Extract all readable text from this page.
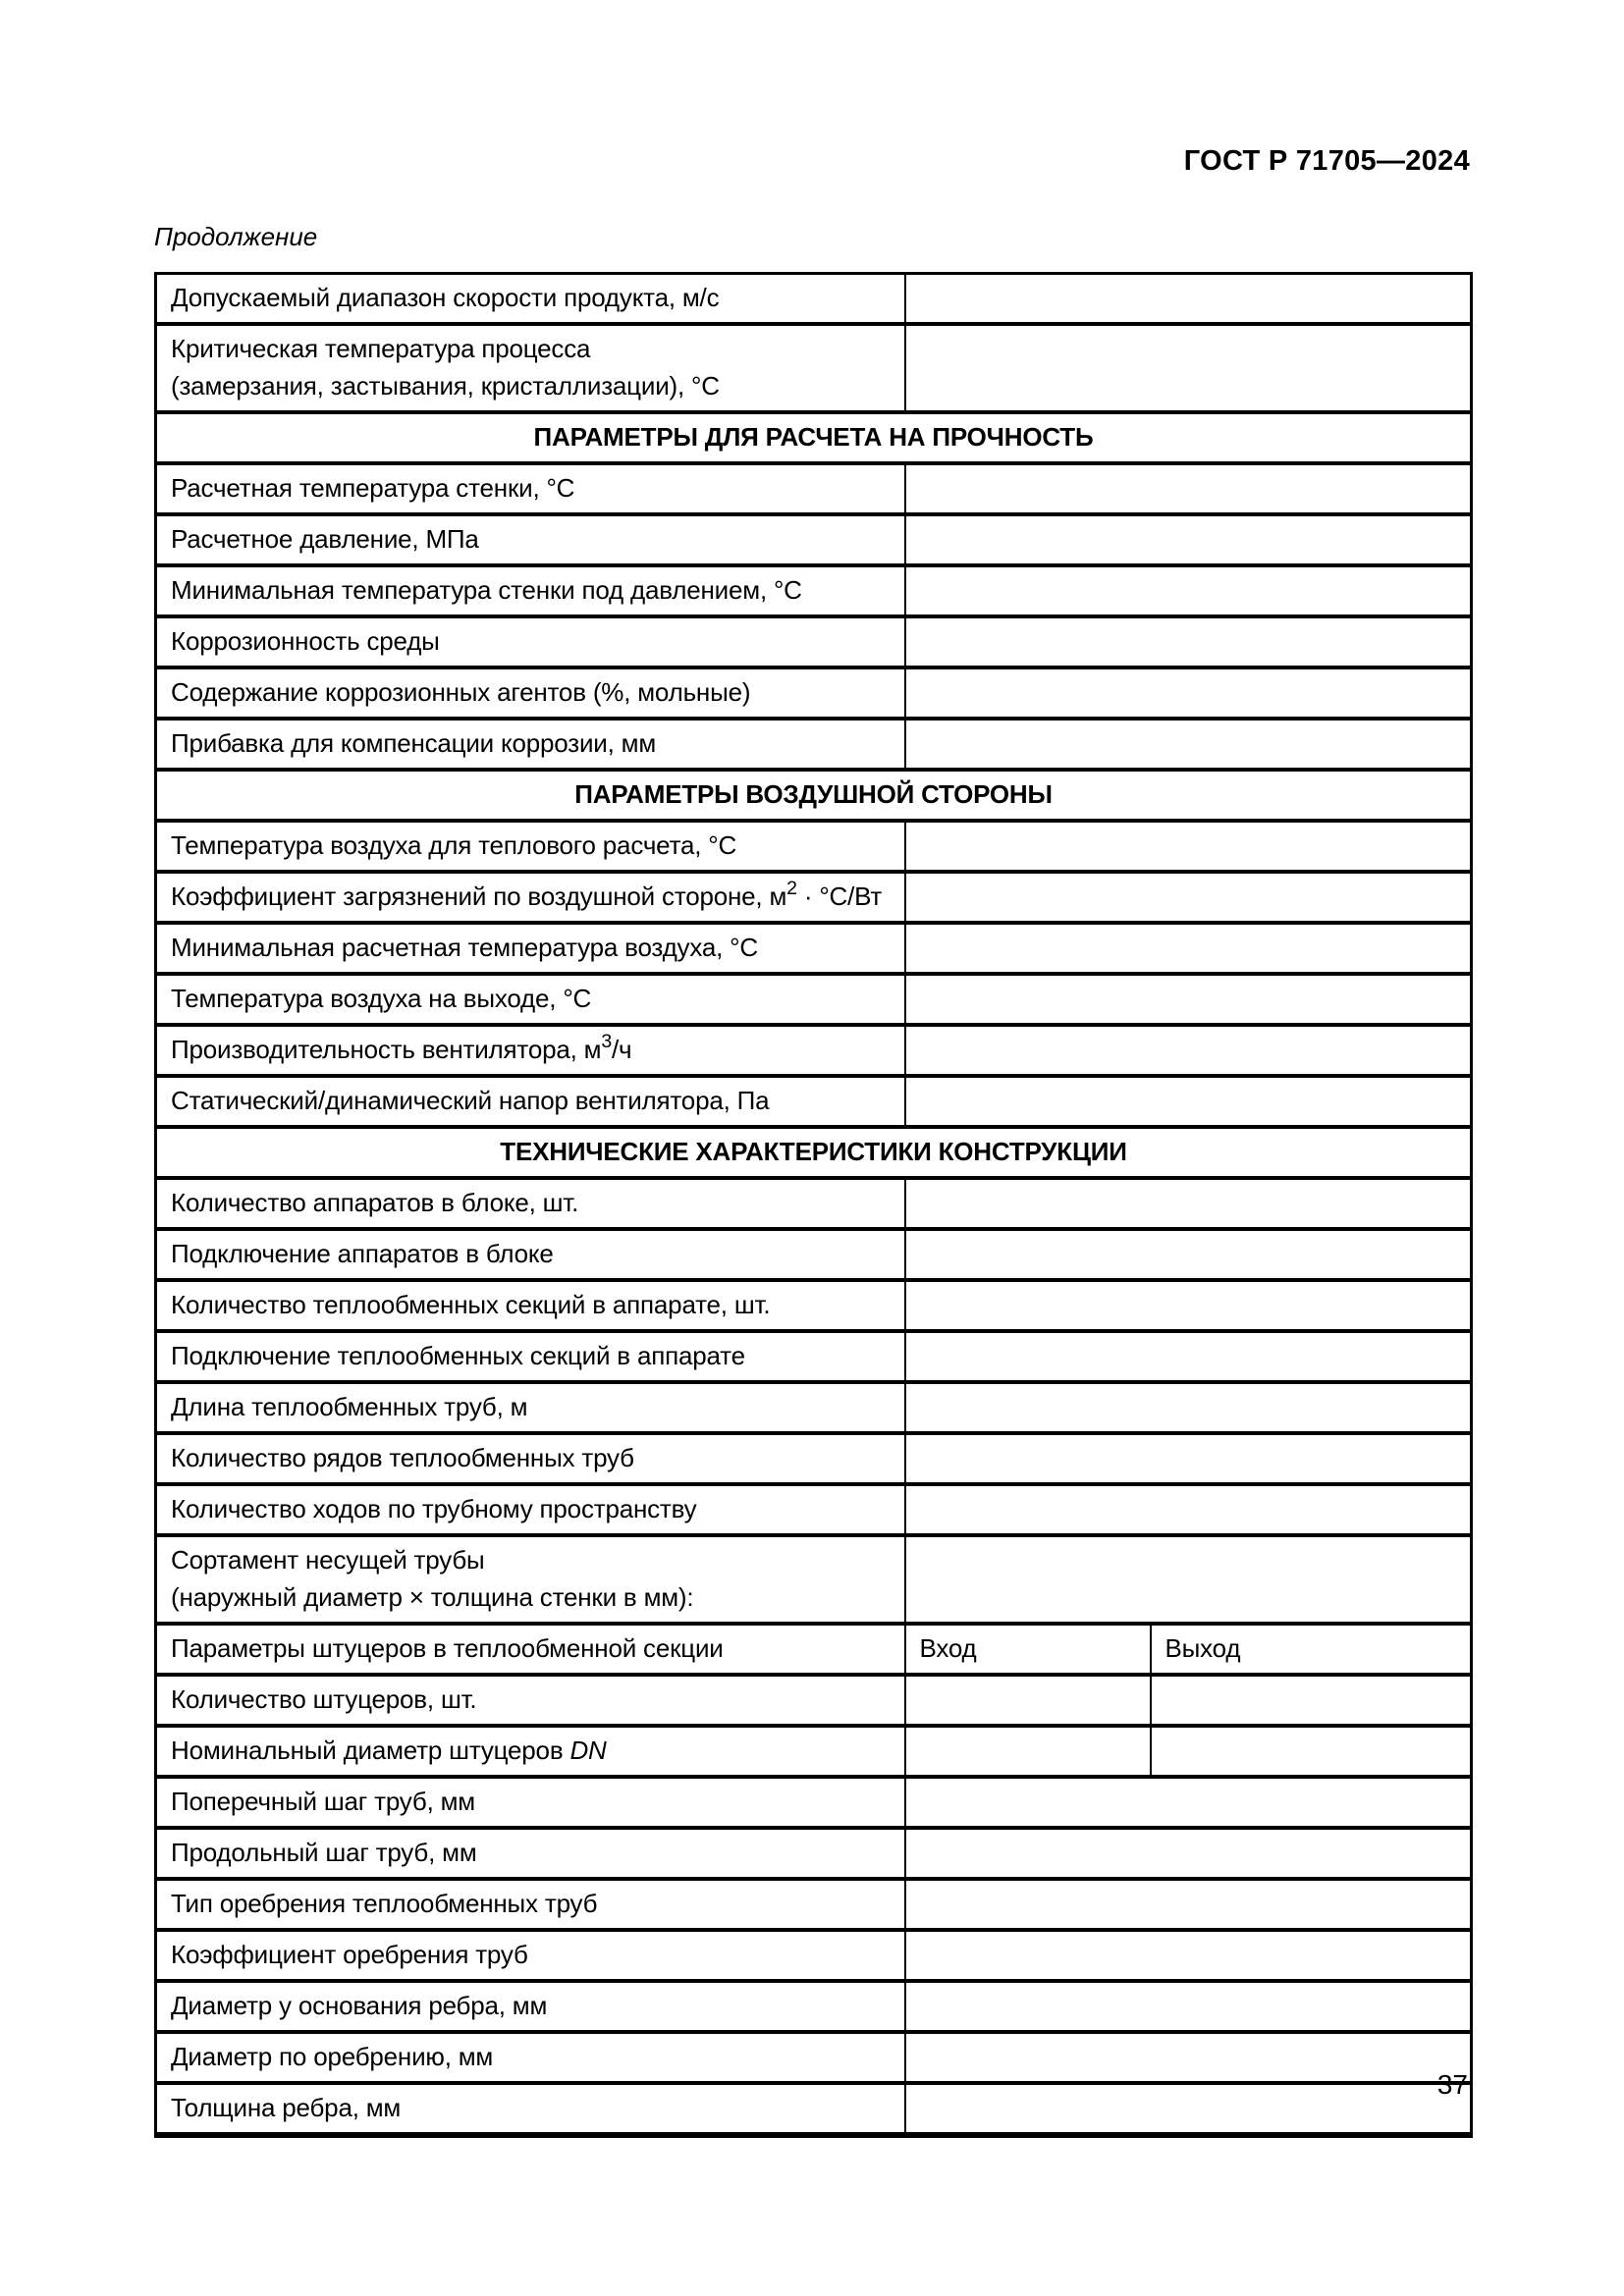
ГОСТ Р 71705—2024
Продолжение
Допускаемый диапазон скорости продукта, м/с		

Критическая температура процесса
(замерзания, застывания, кристаллизации), °С		

ПАРАМЕТРЫ ДЛЯ РАСЧЕТА НА ПРОЧНОСТЬ		

Расчетная температура стенки, °С		

Расчетное давление, МПа		

Минимальная температура стенки под давлением, °С		

Коррозионность среды		

Содержание коррозионных агентов (%, мольные)		

Прибавка для компенсации коррозии, мм		

ПАРАМЕТРЫ ВОЗДУШНОЙ СТОРОНЫ		

Температура воздуха для теплового расчета, °С		

Коэффициент загрязнений по воздушной стороне, $м^2 \cdot ^\circ С/Вт$		

Минимальная расчетная температура воздуха, °С		

Температура воздуха на выходе, °С		

Производительность вентилятора, $м^3/ч$		

Статический/динамический напор вентилятора, Па		

ТЕХНИЧЕСКИЕ ХАРАКТЕРИСТИКИ КОНСТРУКЦИИ		

Количество аппаратов в блоке, шт.		

Подключение аппаратов в блоке		

Количество теплообменных секций в аппарате, шт.		

Подключение теплообменных секций в аппарате		

Длина теплообменных труб, м		

Количество рядов теплообменных труб		

Количество ходов по трубному пространству		

Сортамент несущей трубы
(наружный диаметр × толщина стенки в мм):		

Параметры штуцеров в теплообменной секции	Вход	Выход

Количество штуцеров, шт.		

Номинальный диаметр штуцеров DN		

Поперечный шаг труб, мм		

Продольный шаг труб, мм		

Тип оребрения теплообменных труб		

Коэффициент оребрения труб		

Диаметр у основания ребра, мм		

Диаметр по оребрению, мм		

Толщина ребра, мм		

37
